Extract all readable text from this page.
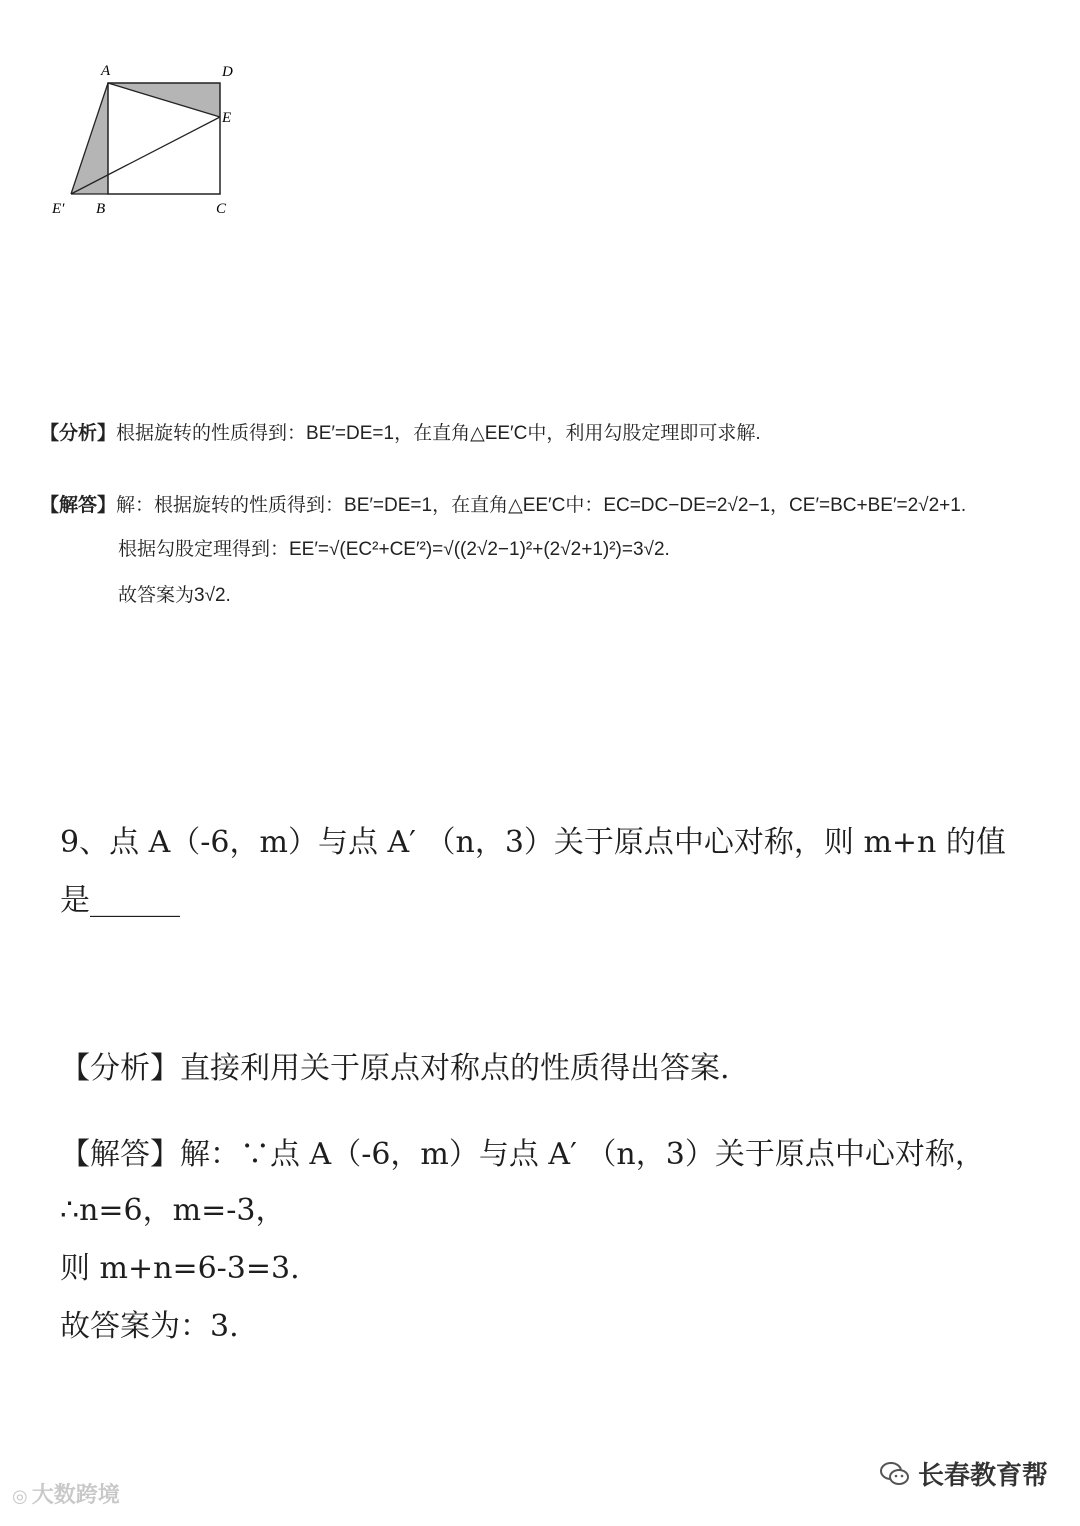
A	D
E
E′ B	C
【分析】根据旋转的性质得到：BE′=DE=1，在直角△EE′C中，利用勾股定理即可求解.
【解答】解：根据旋转的性质得到：BE′=DE=1，在直角△EE′C中：EC=DC−DE=2√2−1，CE′=BC+BE′=2√2+1.
根据勾股定理得到：EE′=√(EC²+CE′²)=√((2√2−1)²+(2√2+1)²)=3√2.
故答案为3√2.
9、点 A（-6，m）与点 A′ （n，3）关于原点中心对称，则 m+n 的值
是______
【分析】直接利用关于原点对称点的性质得出答案.
【解答】解：∵点 A（-6，m）与点 A′ （n，3）关于原点中心对称，
∴n=6，m=-3，
则 m+n=6-3=3.
故答案为：3.
◎ 大数跨境
长春教育帮
